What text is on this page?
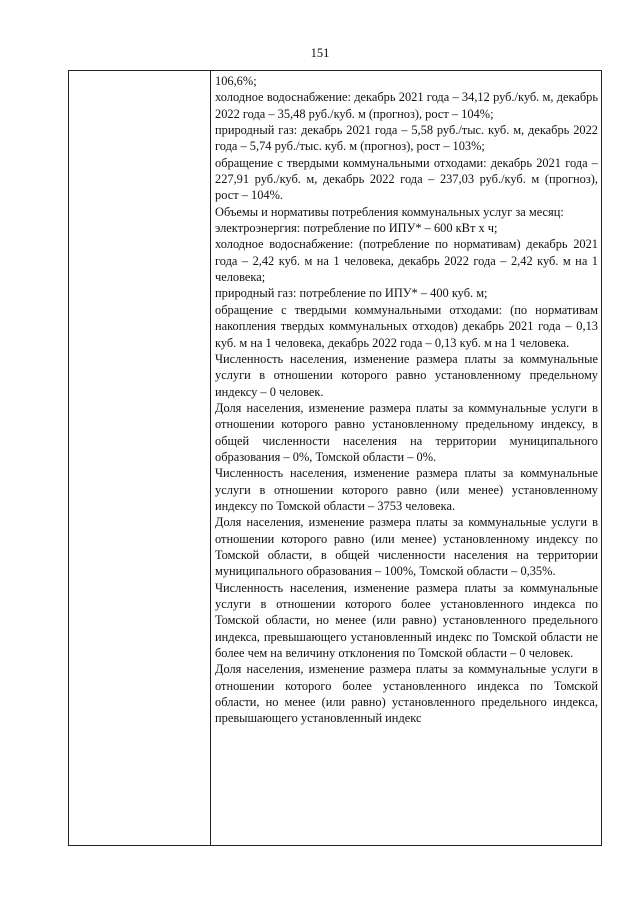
151

106,6%;

холодное водоснабжение: декабрь 2021 года – 34,12 руб./куб. м, декабрь 2022 года – 35,48 руб./куб. м (прогноз), рост – 104%;

природный газ: декабрь 2021 года – 5,58 руб./тыс. куб. м, декабрь 2022 года – 5,74 руб./тыс. куб. м (прогноз), рост – 103%;

обращение с твердыми коммунальными отходами: декабрь 2021 года – 227,91 руб./куб. м, декабрь 2022 года – 237,03 руб./куб. м (прогноз), рост – 104%.

Объемы и нормативы потребления коммунальных услуг за месяц:

электроэнергия: потребление по ИПУ* – 600 кВт х ч;

холодное водоснабжение: (потребление по нормативам) декабрь 2021 года – 2,42 куб. м на 1 человека, декабрь 2022 года – 2,42 куб. м на 1 человека;

природный газ: потребление по ИПУ* – 400 куб. м;

обращение с твердыми коммунальными отходами: (по нормативам накопления твердых коммунальных отходов) декабрь 2021 года – 0,13 куб. м на 1 человека, декабрь 2022 года – 0,13 куб. м на 1 человека.

Численность населения, изменение размера платы за коммунальные услуги в отношении которого равно установленному предельному индексу – 0 человек.

Доля населения, изменение размера платы за коммунальные услуги в отношении которого равно установленному предельному индексу, в общей численности населения на территории муниципального образования – 0%, Томской области – 0%.

Численность населения, изменение размера платы за коммунальные услуги в отношении которого равно (или менее) установленному индексу по Томской области – 3753 человека.

Доля населения, изменение размера платы за коммунальные услуги в отношении которого равно (или менее) установленному индексу по Томской области, в общей численности населения на территории муниципального образования – 100%, Томской области – 0,35%.

Численность населения, изменение размера платы за коммунальные услуги в отношении которого более установленного индекса по Томской области, но менее (или равно) установленного предельного индекса, превышающего установленный индекс по Томской области не более чем на величину отклонения по Томской области – 0 человек.

Доля населения, изменение размера платы за коммунальные услуги в отношении которого более установленного индекса по Томской области, но менее (или равно) установленного предельного индекса, превышающего установленный индекс
